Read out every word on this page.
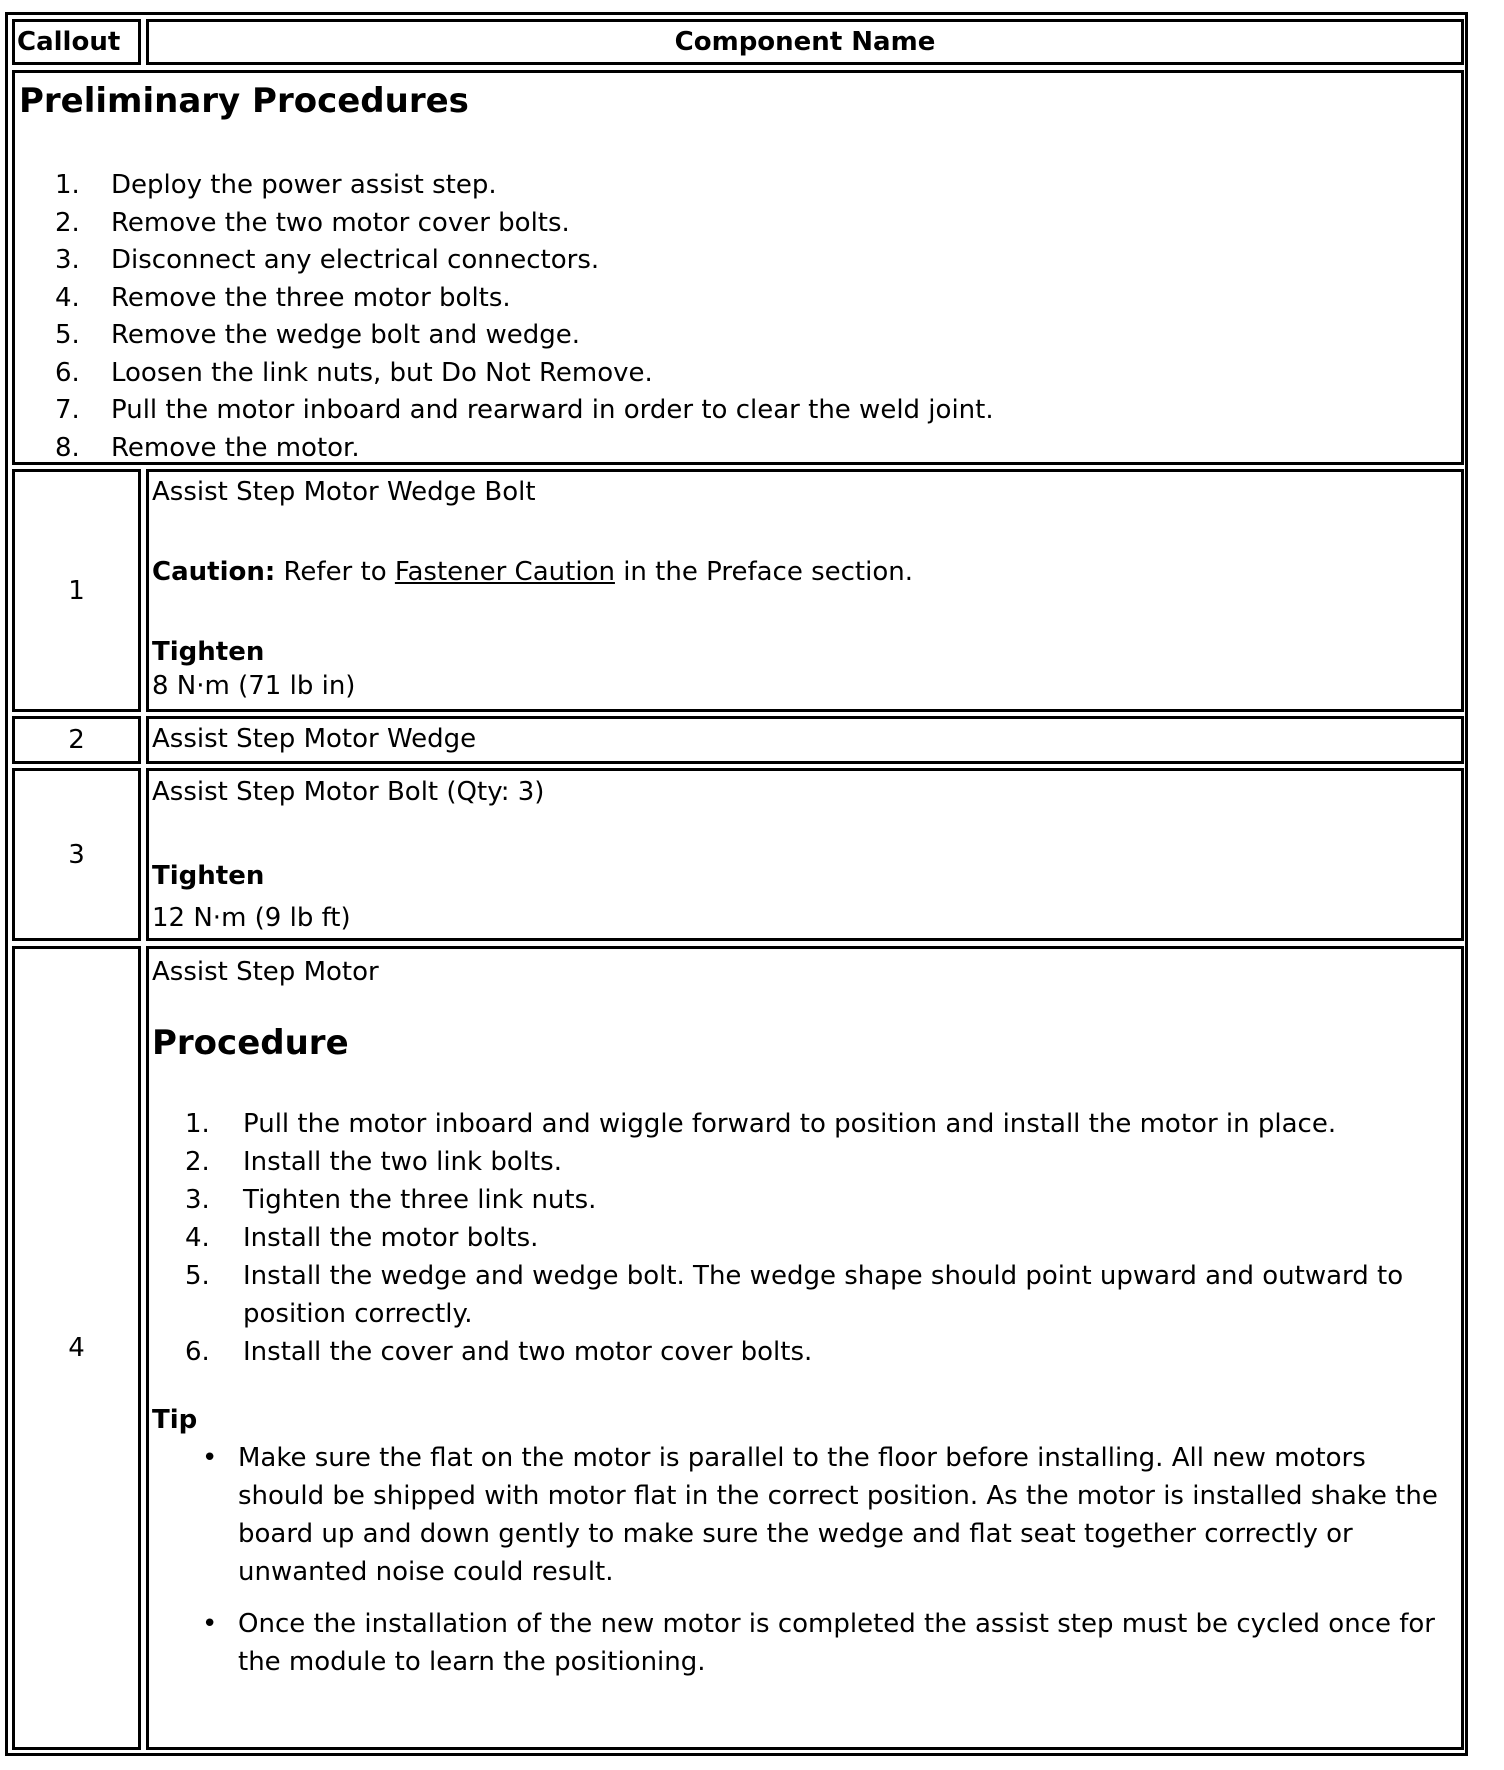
Callout	Component Name
Preliminary Procedures
1. Deploy the power assist step.
2. Remove the two motor cover bolts.
3. Disconnect any electrical connectors.
4. Remove the three motor bolts.
5. Remove the wedge bolt and wedge.
6. Loosen the link nuts, but Do Not Remove.
7. Pull the motor inboard and rearward in order to clear the weld joint.
8. Remove the motor.
1
Assist Step Motor Wedge Bolt
Caution: Refer to Fastener Caution in the Preface section.
Tighten
8 N·m (71 lb in)
2	Assist Step Motor Wedge
3
Assist Step Motor Bolt (Qty: 3)
Tighten
12 N·m (9 lb ft)
4
Assist Step Motor
Procedure
1. Pull the motor inboard and wiggle forward to position and install the motor in place.
2. Install the two link bolts.
3. Tighten the three link nuts.
4. Install the motor bolts.
5. Install the wedge and wedge bolt. The wedge shape should point upward and outward to position correctly.
6. Install the cover and two motor cover bolts.
Tip
• Make sure the flat on the motor is parallel to the floor before installing. All new motors should be shipped with motor flat in the correct position. As the motor is installed shake the board up and down gently to make sure the wedge and flat seat together correctly or unwanted noise could result.
• Once the installation of the new motor is completed the assist step must be cycled once for the module to learn the positioning.
